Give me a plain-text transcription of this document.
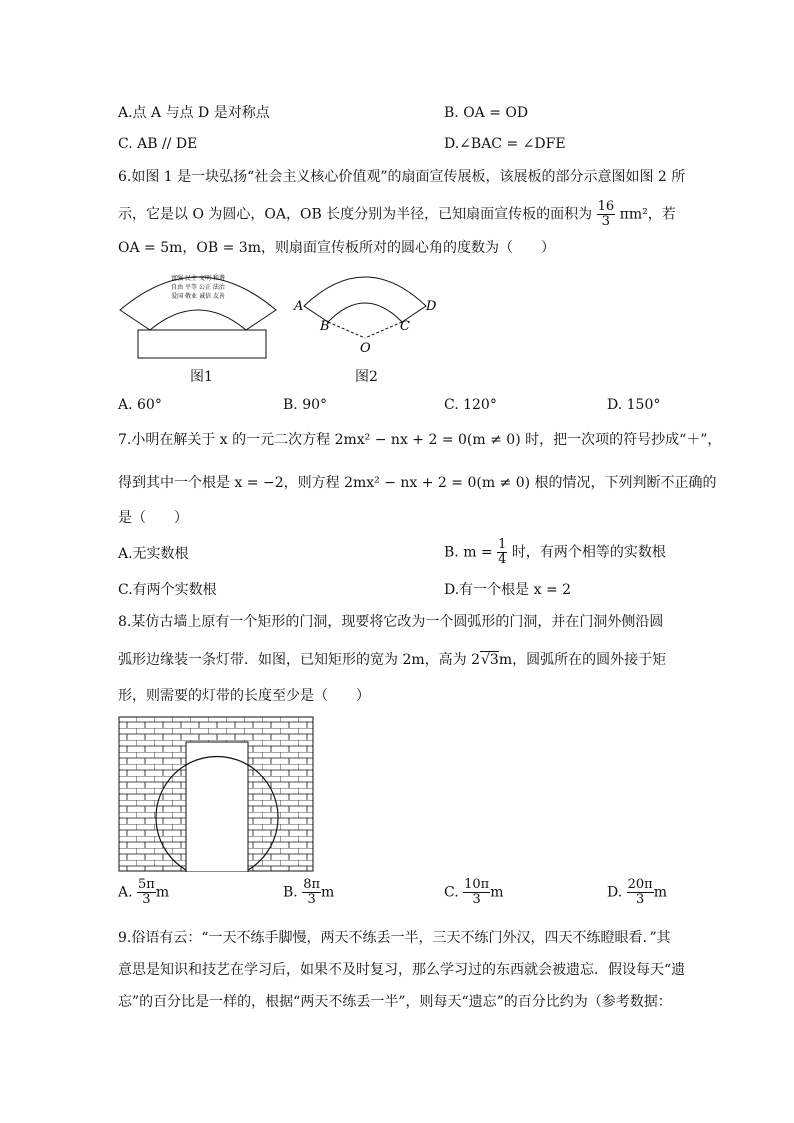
A.点 A 与点 D 是对称点	B. OA = OD
C. AB // DE	D.∠BAC = ∠DFE
6.如图 1 是一块弘扬“社会主义核心价值观”的扇面宣传展板，该展板的部分示意图如图 2 所
示，它是以 O 为圆心，OA，OB 长度分别为半径，已知扇面宣传板的面积为 $\frac{16}{3} \pi m^2$，若
OA = 5m，OB = 3m，则扇面宣传板所对的圆心角的度数为（　　）
富强 民主 文明 和谐
自由 平等 公正 法治
爱国 敬业 诚信 友善
图1
A
B	C
D
O
图2
A. 60°	B. 90°	C. 120°	D. 150°
7.小明在解关于 x 的一元二次方程 2mx² − nx + 2 = 0(m ≠ 0) 时，把一次项的符号抄成“＋”，
得到其中一个根是 x = −2，则方程 2mx² − nx + 2 = 0(m ≠ 0) 根的情况，下列判断不正确的
是（　　）
A.无实数根	B. $m = \frac{1}{4}$ 时，有两个相等的实数根
C.有两个实数根	D.有一个根是 x = 2
8.某仿古墙上原有一个矩形的门洞，现要将它改为一个圆弧形的门洞，并在门洞外侧沿圆
弧形边缘装一条灯带．如图，已知矩形的宽为 2m，高为 2√3m，圆弧所在的圆外接于矩
形，则需要的灯带的长度至少是（　　）
A. $\frac{5\pi}{3}$ m	B. $\frac{8\pi}{3}$ m	C. $\frac{10\pi}{3}$ m	D. $\frac{20\pi}{3}$ m
9.俗语有云：“一天不练手脚慢，两天不练丢一半，三天不练门外汉，四天不练瞪眼看．”其
意思是知识和技艺在学习后，如果不及时复习，那么学习过的东西就会被遗忘．假设每天“遗
忘”的百分比是一样的，根据“两天不练丢一半”，则每天“遗忘”的百分比约为（参考数据：
